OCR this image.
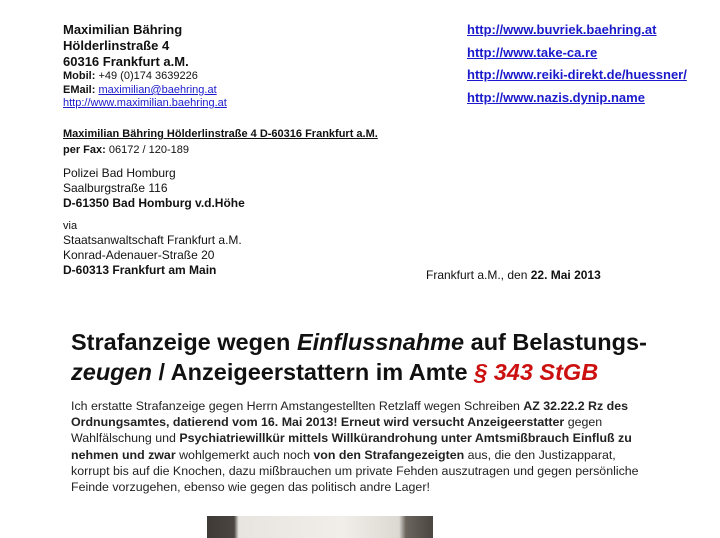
Maximilian Bähring
Hölderlinstraße 4
60316 Frankfurt a.M.
Mobil: +49 (0)174 3639226
EMail: maximilian@baehring.at
http://www.maximilian.baehring.at
http://www.buvriek.baehring.at
http://www.take-ca.re
http://www.reiki-direkt.de/huessner/
http://www.nazis.dynip.name
Maximilian Bähring Hölderlinstraße 4 D-60316 Frankfurt a.M.
per Fax: 06172 / 120-189
Polizei Bad Homburg
Saalburgstraße 116
D-61350 Bad Homburg v.d.Höhe
via
Staatsanwaltschaft Frankfurt a.M.
Konrad-Adenauer-Straße 20
D-60313 Frankfurt am Main	Frankfurt a.M., den 22. Mai 2013
Strafanzeige wegen Einflussnahme auf Belastungs-
zeugen / Anzeigeerstattern im Amte § 343 StGB
Ich erstatte Strafanzeige gegen Herrn Amstangestellten Retzlaff wegen Schreiben AZ 32.22.2 Rz des Ordnungsamtes, datierend vom 16. Mai 2013! Erneut wird versucht Anzeigeerstatter gegen Wahlfälschung und Psychiatriewillkür mittels Willkürandrohung unter Amtsmißbrauch Einfluß zu nehmen und zwar wohlgemerkt auch noch von den Strafangezeigten aus, die den Justizapparat, korrupt bis auf die Knochen, dazu mißbrauchen um private Fehden auszutragen und gegen persönliche Feinde vorzugehen, ebenso wie gegen das politisch andre Lager!
